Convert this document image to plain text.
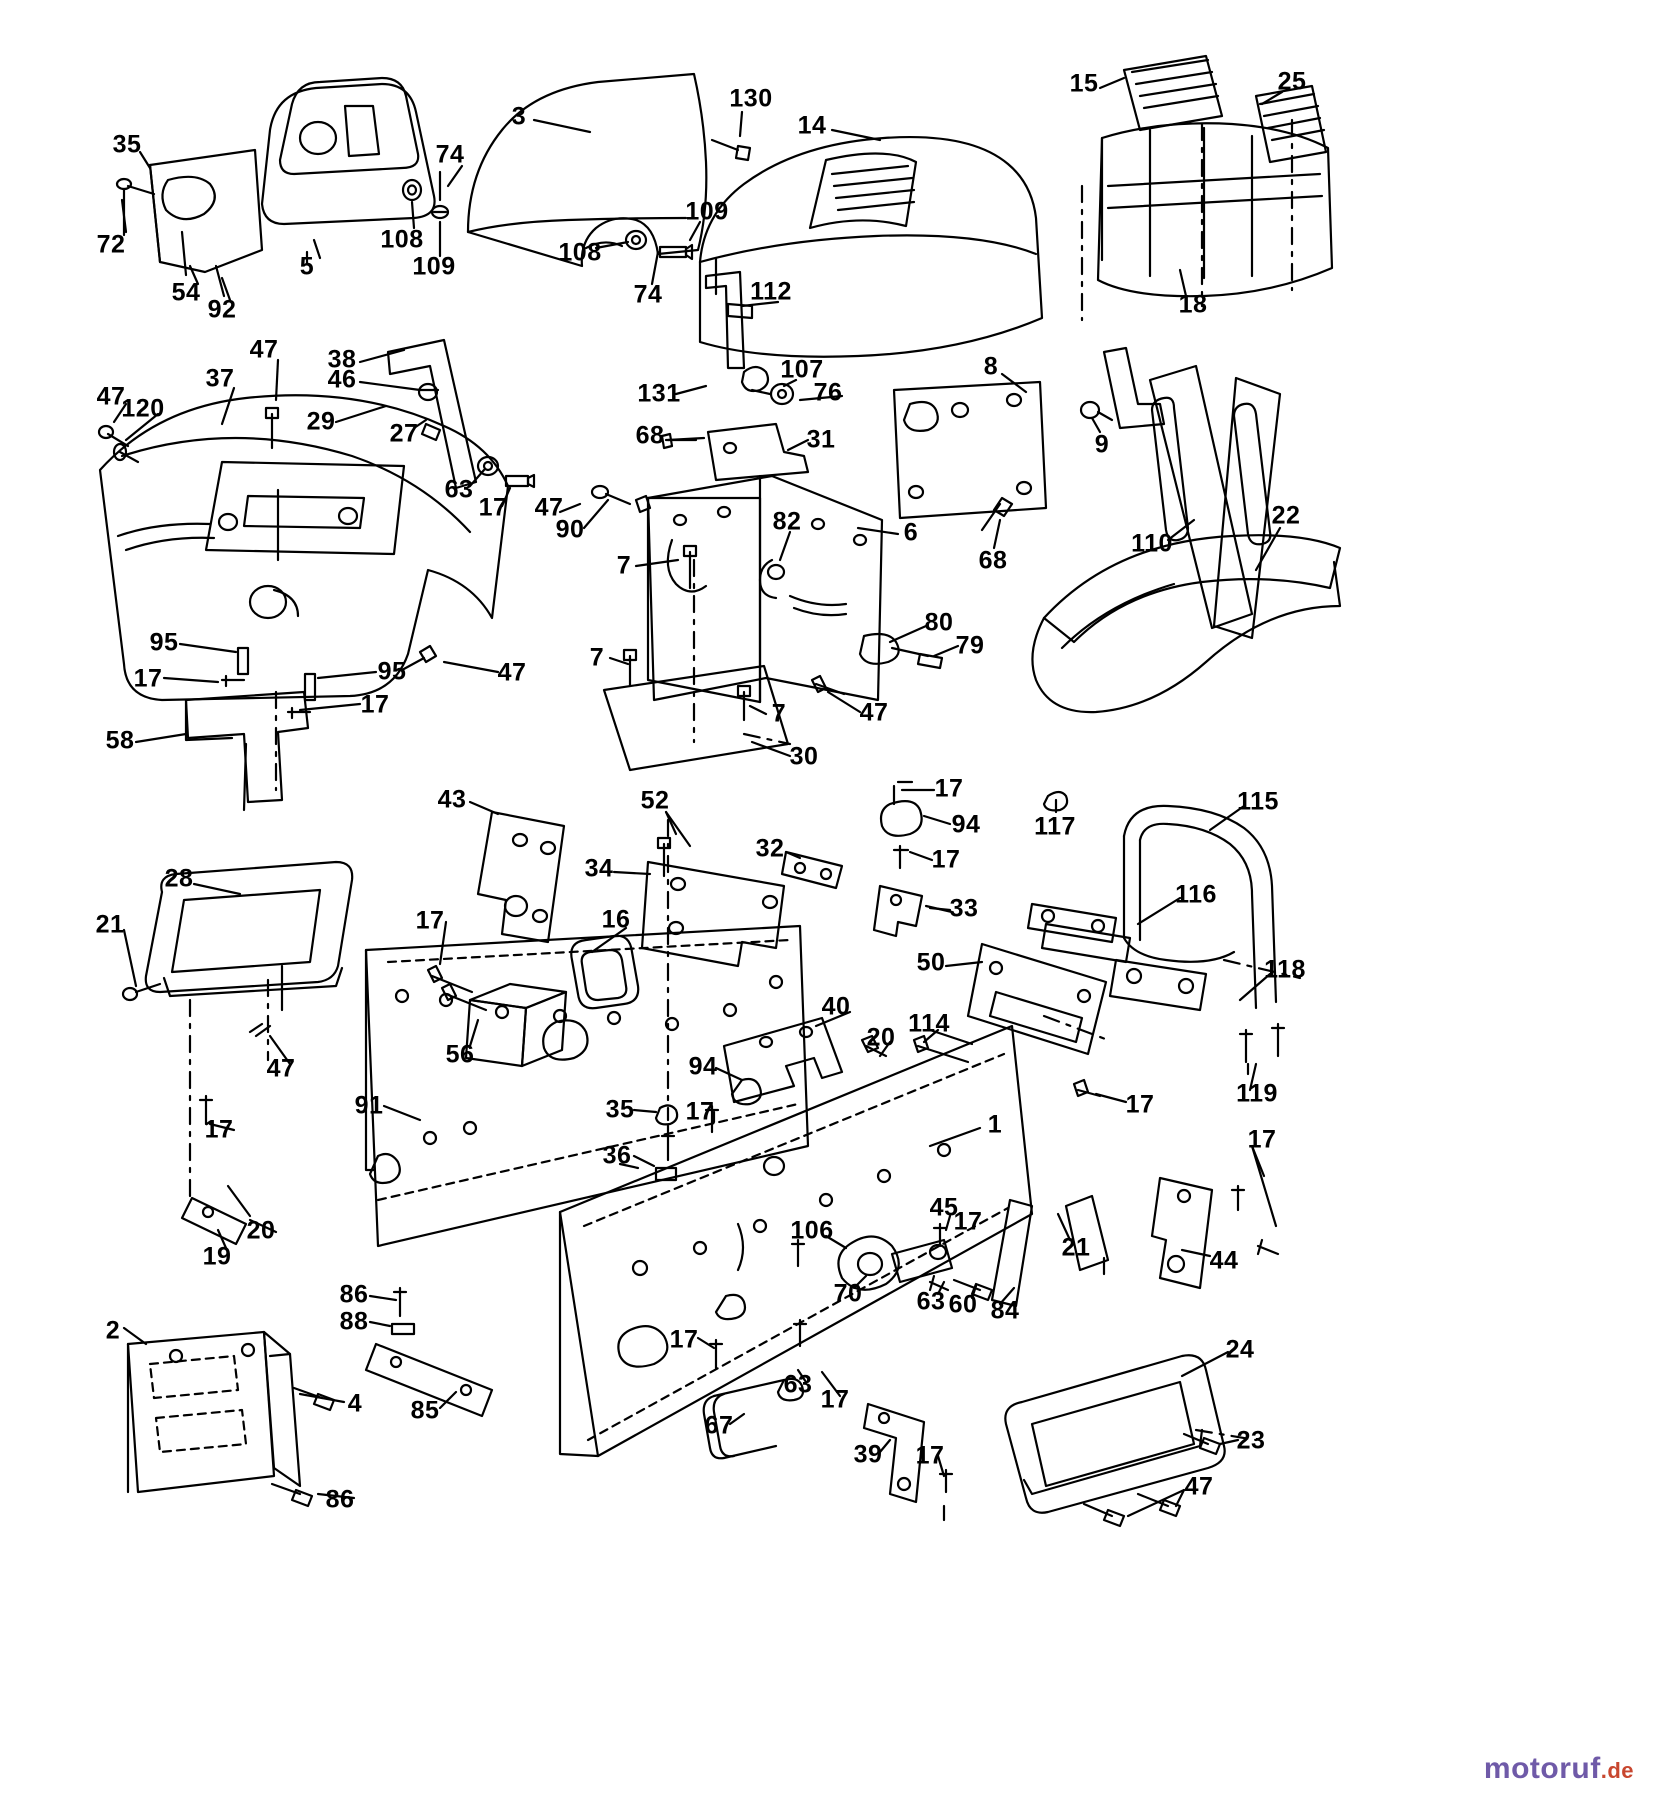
35
3
130
14
15	25
74
72	108
109	108
109
5
54
92
74	112	18
47 38	107	8
46
37
47
120
131	76
29 27	68	31	9
63
17 47
90	6
68
110
22
82
7
80
79
95
17	47
7
95
17	7	47
58
30
17
117
115
43	52
94
32
34	17
116
28
33
21	17	16
50	118
114
40
20
56
47	94
17	119
91	35 17
17	1
17
36
45
17
20
19
106
21	44
70
86
88
63 60 84
2	17	24
4 85
63
17
67
23
39 17
86	47
motoruf.de
